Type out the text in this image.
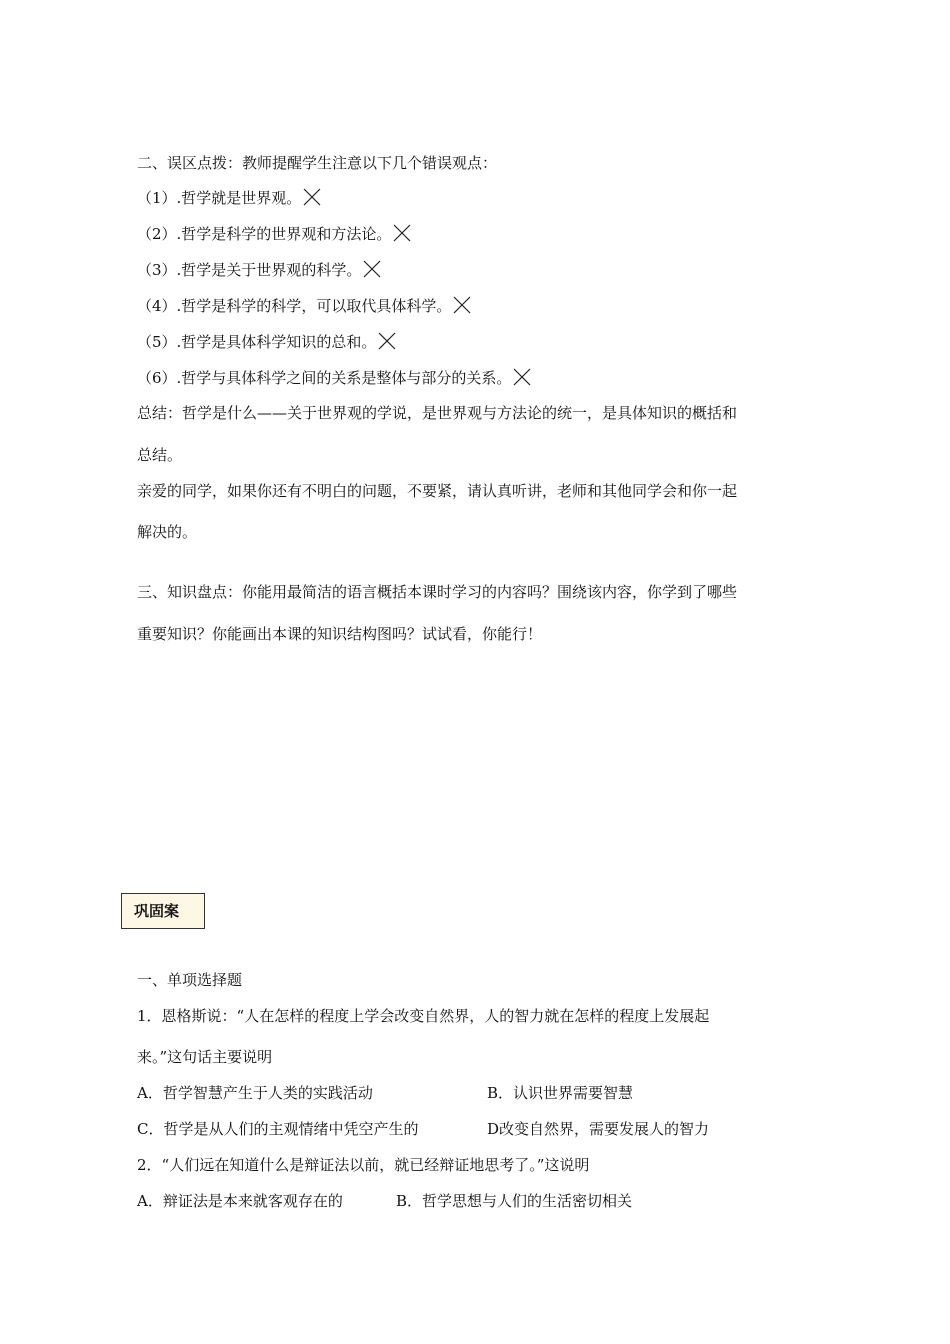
二、误区点拨：教师提醒学生注意以下几个错误观点：
（1）.哲学就是世界观。
（2）.哲学是科学的世界观和方法论。
（3）.哲学是关于世界观的科学。
（4）.哲学是科学的科学，可以取代具体科学。
（5）.哲学是具体科学知识的总和。
（6）.哲学与具体科学之间的关系是整体与部分的关系。
总结：哲学是什么——关于世界观的学说，是世界观与方法论的统一，是具体知识的概括和
总结。
亲爱的同学，如果你还有不明白的问题，不要紧，请认真听讲，老师和其他同学会和你一起
解决的。
三、知识盘点：你能用最简洁的语言概括本课时学习的内容吗？围绕该内容，你学到了哪些
重要知识？你能画出本课的知识结构图吗？试试看，你能行！
巩固案
一、单项选择题
1．恩格斯说：“人在怎样的程度上学会改变自然界，人的智力就在怎样的程度上发展起
来。”这句话主要说明
A．哲学智慧产生于人类的实践活动	B．认识世界需要智慧
C．哲学是从人们的主观情绪中凭空产生的	D改变自然界，需要发展人的智力
2．“人们远在知道什么是辩证法以前，就已经辩证地思考了。”这说明
A．辩证法是本来就客观存在的	B．哲学思想与人们的生活密切相关
